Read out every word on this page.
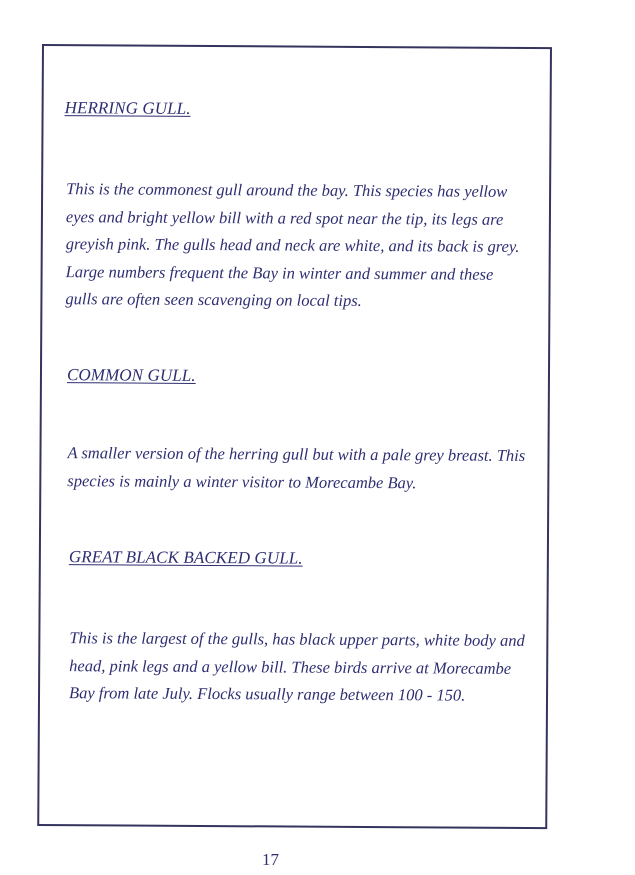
HERRING GULL.
This is the commonest gull around the bay. This species has yellow
eyes and bright yellow bill with a red spot near the tip, its legs are
greyish pink. The gulls head and neck are white, and its back is grey.
Large numbers frequent the Bay in winter and summer and these
gulls are often seen scavenging on local tips.
COMMON GULL.
A smaller version of the herring gull but with a pale grey breast. This
species is mainly a winter visitor to Morecambe Bay.
GREAT BLACK BACKED GULL.
This is the largest of the gulls, has black upper parts, white body and
head, pink legs and a yellow bill. These birds arrive at Morecambe
Bay from late July. Flocks usually range between 100 - 150.
17
